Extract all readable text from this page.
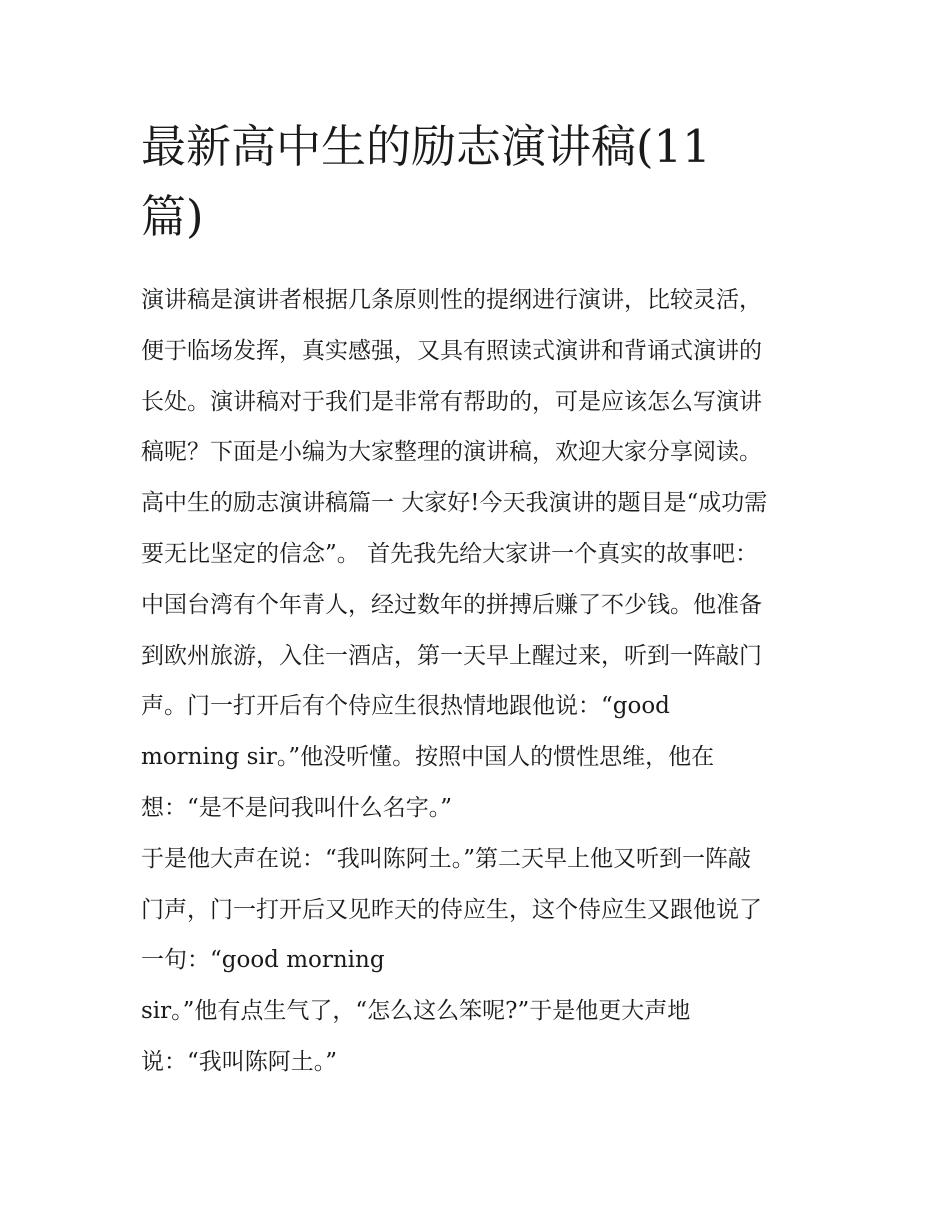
最新高中生的励志演讲稿(11
篇)
演讲稿是演讲者根据几条原则性的提纲进行演讲，比较灵活，
便于临场发挥，真实感强，又具有照读式演讲和背诵式演讲的
长处。演讲稿对于我们是非常有帮助的，可是应该怎么写演讲
稿呢？下面是小编为大家整理的演讲稿，欢迎大家分享阅读。
高中生的励志演讲稿篇一 大家好!今天我演讲的题目是“成功需
要无比坚定的信念”。 首先我先给大家讲一个真实的故事吧：
中国台湾有个年青人，经过数年的拼搏后赚了不少钱。他准备
到欧州旅游，入住一酒店，第一天早上醒过来，听到一阵敲门
声。门一打开后有个侍应生很热情地跟他说：“good
morning sir。”他没听懂。按照中国人的惯性思维，他在
想：“是不是问我叫什么名字。”
于是他大声在说：“我叫陈阿土。”第二天早上他又听到一阵敲
门声，门一打开后又见昨天的侍应生，这个侍应生又跟他说了
一句：“good morning
sir。”他有点生气了，“怎么这么笨呢?”于是他更大声地
说：“我叫陈阿土。”
